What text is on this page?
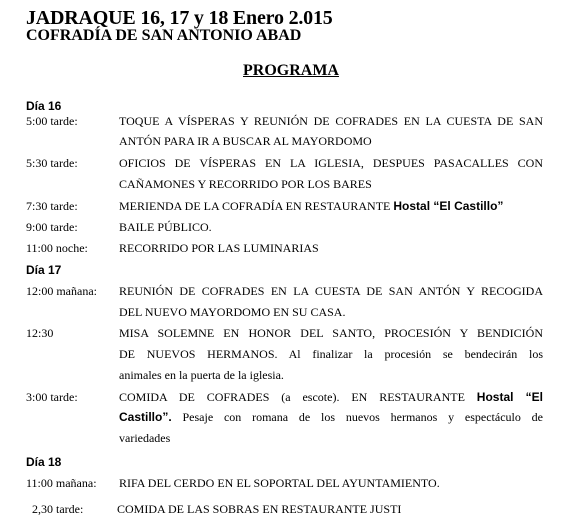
JADRAQUE 16, 17 y 18 Enero 2.015
COFRADÍA DE SAN ANTONIO ABAD
PROGRAMA
Día 16
5:00 tarde:	TOQUE A VÍSPERAS Y REUNIÓN DE COFRADES EN LA CUESTA DE SAN
ANTÓN PARA IR A BUSCAR AL MAYORDOMO
5:30 tarde:	OFICIOS DE VÍSPERAS EN LA IGLESIA, DESPUES PASACALLES CON
CAÑAMONES Y RECORRIDO POR LOS BARES
7:30 tarde:	MERIENDA DE LA COFRADÍA EN RESTAURANTE Hostal “El Castillo”
9:00 tarde:	BAILE PÚBLICO.
11:00 noche:	RECORRIDO POR LAS LUMINARIAS
Día 17
12:00 mañana: REUNIÓN DE COFRADES EN LA CUESTA DE SAN ANTÓN Y RECOGIDA
DEL NUEVO MAYORDOMO EN SU CASA.
12:30	MISA SOLEMNE EN HONOR DEL SANTO, PROCESIÓN Y BENDICIÓN
DE NUEVOS HERMANOS. Al finalizar la procesión se bendecirán los
animales en la puerta de la iglesia.
3:00 tarde:	COMIDA DE COFRADES (a escote). EN RESTAURANTE Hostal “El
Castillo”. Pesaje con romana de los nuevos hermanos y espectáculo de
variedades
Día 18
11:00 mañana: RIFA DEL CERDO EN EL SOPORTAL DEL AYUNTAMIENTO.
2,30 tarde:	COMIDA DE LAS SOBRAS EN RESTAURANTE JUSTI
